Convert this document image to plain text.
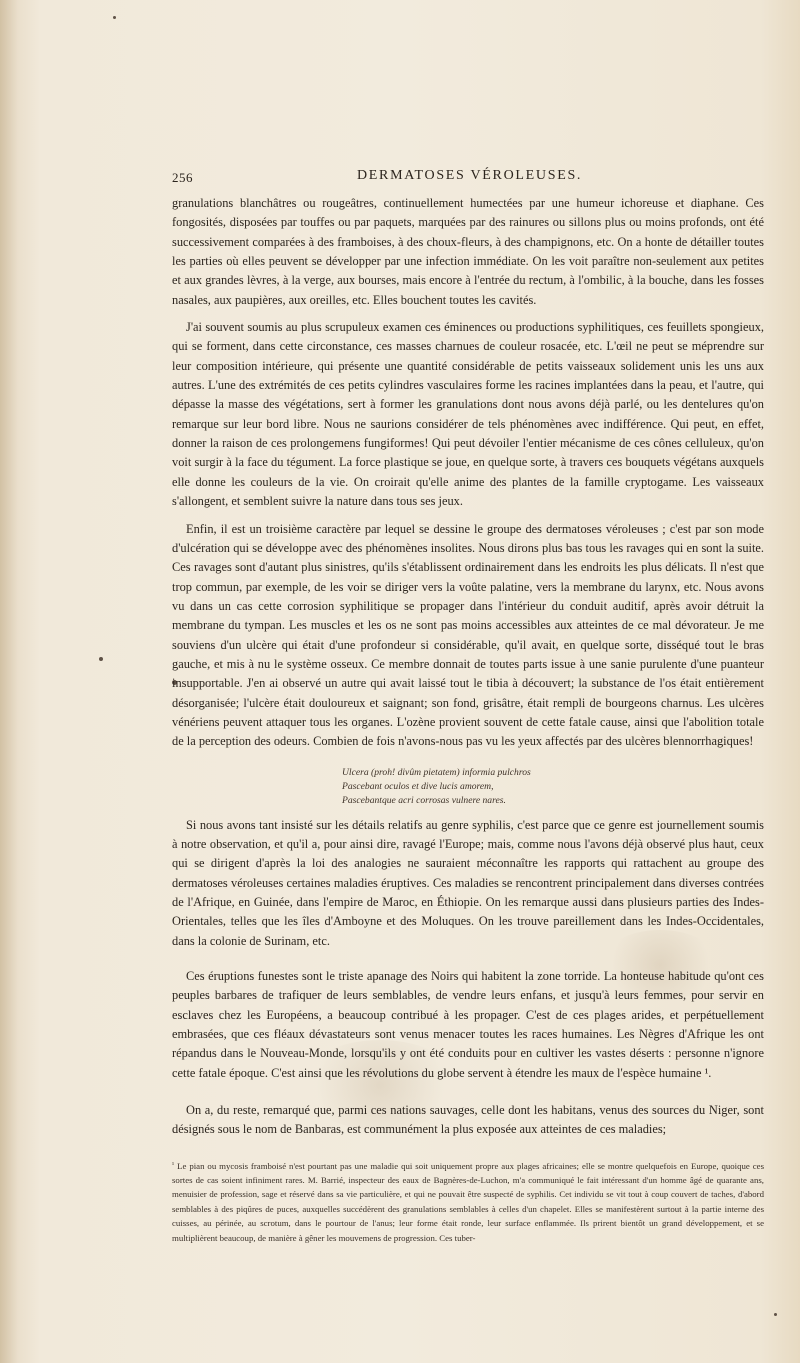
256	DERMATOSES VÉROLEUSES.

granulations blanchâtres ou rougeâtres, continuellement humectées par une humeur ichoreuse et diaphane. Ces fongosités, disposées par touffes ou par paquets, marquées par des rainures ou sillons plus ou moins profonds, ont été successivement comparées à des framboises, à des choux-fleurs, à des champignons, etc. On a honte de détailler toutes les parties où elles peuvent se développer par une infection immédiate. On les voit paraître non-seulement aux petites et aux grandes lèvres, à la verge, aux bourses, mais encore à l'entrée du rectum, à l'ombilic, à la bouche, dans les fosses nasales, aux paupières, aux oreilles, etc. Elles bouchent toutes les cavités.

J'ai souvent soumis au plus scrupuleux examen ces éminences ou productions syphilitiques, ces feuillets spongieux, qui se forment, dans cette circonstance, ces masses charnues de couleur rosacée, etc. L'œil ne peut se méprendre sur leur composition intérieure, qui présente une quantité considérable de petits vaisseaux solidement unis les uns aux autres. L'une des extrémités de ces petits cylindres vasculaires forme les racines implantées dans la peau, et l'autre, qui dépasse la masse des végétations, sert à former les granulations dont nous avons déjà parlé, ou les dentelures qu'on remarque sur leur bord libre. Nous ne saurions considérer de tels phénomènes avec indifférence. Qui peut, en effet, donner la raison de ces prolongemens fungiformes! Qui peut dévoiler l'entier mécanisme de ces cônes celluleux, qu'on voit surgir à la face du tégument. La force plastique se joue, en quelque sorte, à travers ces bouquets végétans auxquels elle donne les couleurs de la vie. On croirait qu'elle anime des plantes de la famille cryptogame. Les vaisseaux s'allongent, et semblent suivre la nature dans tous ses jeux.

Enfin, il est un troisième caractère par lequel se dessine le groupe des dermatoses véroleuses ; c'est par son mode d'ulcération qui se développe avec des phénomènes insolites. Nous dirons plus bas tous les ravages qui en sont la suite. Ces ravages sont d'autant plus sinistres, qu'ils s'établissent ordinairement dans les endroits les plus délicats. Il n'est que trop commun, par exemple, de les voir se diriger vers la voûte palatine, vers la membrane du larynx, etc. Nous avons vu dans un cas cette corrosion syphilitique se propager dans l'intérieur du conduit auditif, après avoir détruit la membrane du tympan. Les muscles et les os ne sont pas moins accessibles aux atteintes de ce mal dévorateur. Je me souviens d'un ulcère qui était d'une profondeur si considérable, qu'il avait, en quelque sorte, disséqué tout le bras gauche, et mis à nu le système osseux. Ce membre donnait de toutes parts issue à une sanie purulente d'une puanteur insupportable. J'en ai observé un autre qui avait laissé tout le tibia à découvert; la substance de l'os était entièrement désorganisée; l'ulcère était douloureux et saignant; son fond, grisâtre, était rempli de bourgeons charnus. Les ulcères vénériens peuvent attaquer tous les organes. L'ozène provient souvent de cette fatale cause, ainsi que l'abolition totale de la perception des odeurs. Combien de fois n'avons-nous pas vu les yeux affectés par des ulcères blennorrhagiques!

Ulcera (proh! divûm pietatem) informia pulchros
Pascebant oculos et dive lucis amorem,
Pascebantque acri corrosas vulnere nares.

Si nous avons tant insisté sur les détails relatifs au genre syphilis, c'est parce que ce genre est journellement soumis à notre observation, et qu'il a, pour ainsi dire, ravagé l'Europe; mais, comme nous l'avons déjà observé plus haut, ceux qui se dirigent d'après la loi des analogies ne sauraient méconnaître les rapports qui rattachent au groupe des dermatoses véroleuses certaines maladies éruptives. Ces maladies se rencontrent principalement dans diverses contrées de l'Afrique, en Guinée, dans l'empire de Maroc, en Éthiopie. On les remarque aussi dans plusieurs parties des Indes-Orientales, telles que les îles d'Amboyne et des Moluques. On les trouve pareillement dans les Indes-Occidentales, dans la colonie de Surinam, etc.

Ces éruptions funestes sont le triste apanage des Noirs qui habitent la zone torride. La honteuse habitude qu'ont ces peuples barbares de trafiquer de leurs semblables, de vendre leurs enfans, et jusqu'à leurs femmes, pour servir en esclaves chez les Européens, a beaucoup contribué à les propager. C'est de ces plages arides, et perpétuellement embrasées, que ces fléaux dévastateurs sont venus menacer toutes les races humaines. Les Nègres d'Afrique les ont répandus dans le Nouveau-Monde, lorsqu'ils y ont été conduits pour en cultiver les vastes déserts : personne n'ignore cette fatale époque. C'est ainsi que les révolutions du globe servent à étendre les maux de l'espèce humaine ¹.

On a, du reste, remarqué que, parmi ces nations sauvages, celle dont les habitans, venus des sources du Niger, sont désignés sous le nom de Banbaras, est communément la plus exposée aux atteintes de ces maladies;

¹ Le pian ou mycosis framboisé n'est pourtant pas une maladie qui soit uniquement propre aux plages africaines; elle se montre quelquefois en Europe, quoique ces sortes de cas soient infiniment rares. M. Barrié, inspecteur des eaux de Bagnères-de-Luchon, m'a communiqué le fait intéressant d'un homme âgé de quarante ans, menuisier de profession, sage et réservé dans sa vie particulière, et qui ne pouvait être suspecté de syphilis. Cet individu se vit tout à coup couvert de taches, d'abord semblables à des piqûres de puces, auxquelles succédèrent des granulations semblables à celles d'un chapelet. Elles se manifestèrent surtout à la partie interne des cuisses, au périnée, au scrotum, dans le pourtour de l'anus; leur forme était ronde, leur surface enflammée. Ils prirent bientôt un grand développement, et se multiplièrent beaucoup, de manière à gêner les mouvemens de progression. Ces tuber-
